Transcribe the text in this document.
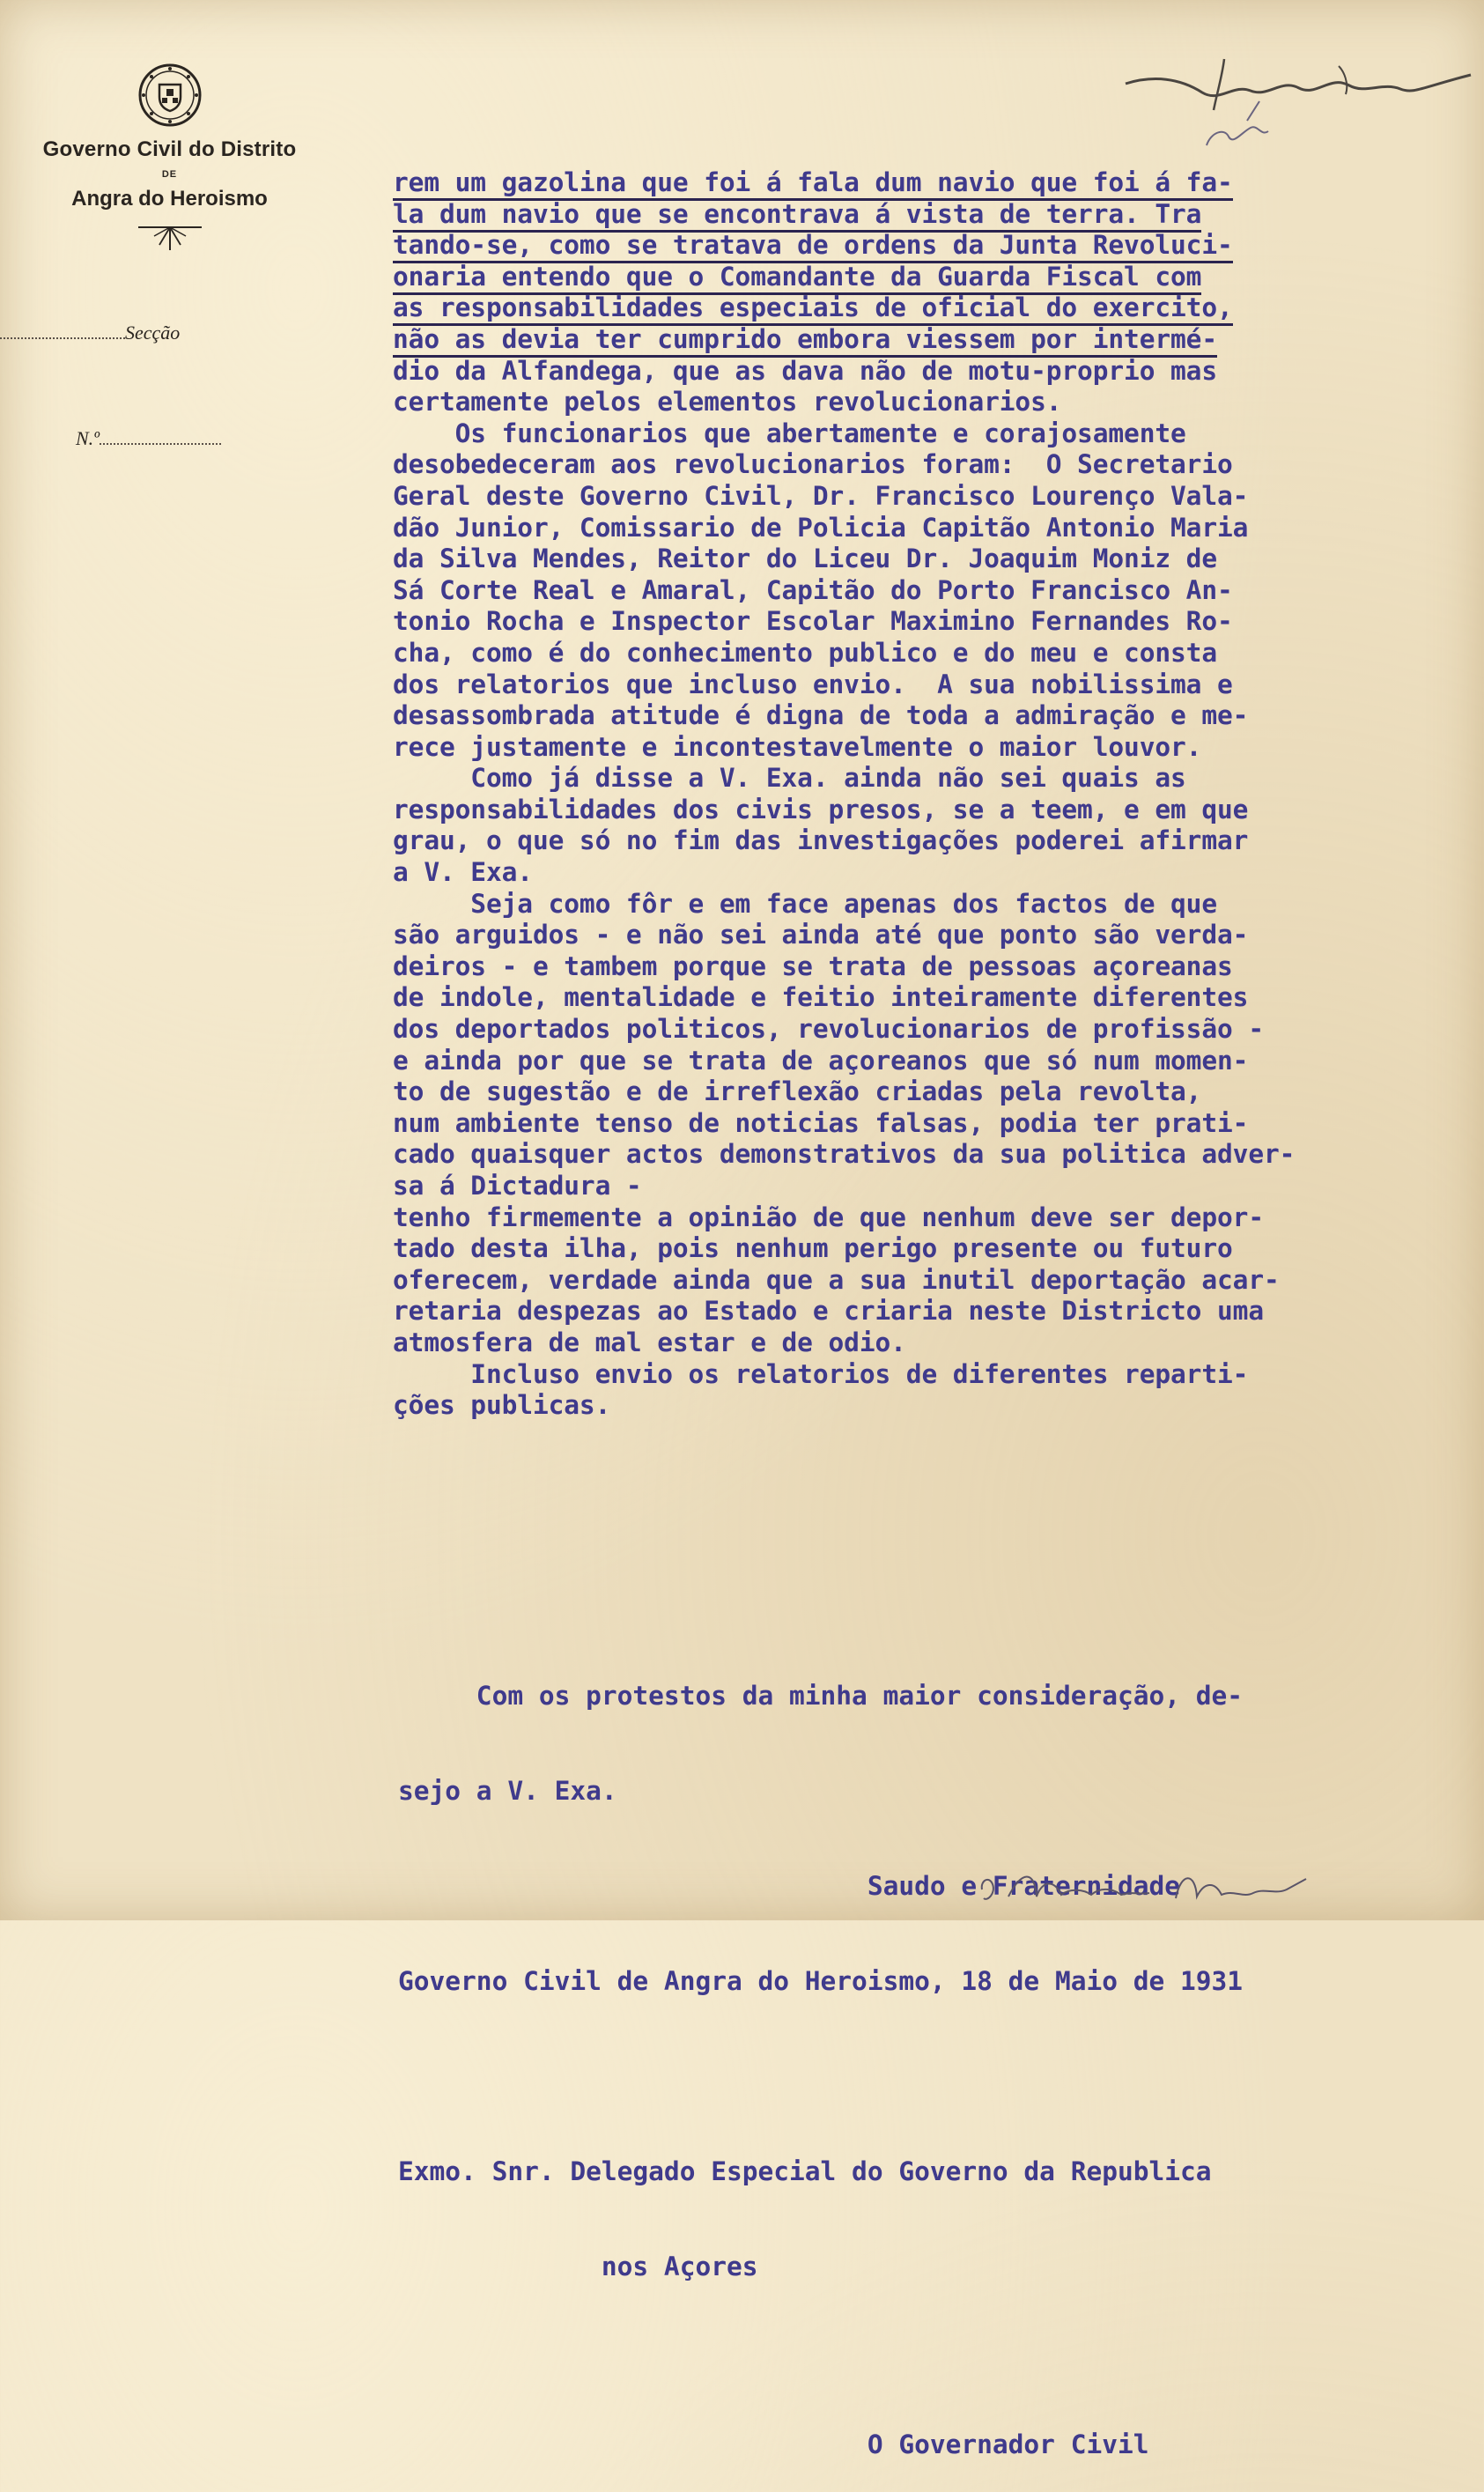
Governo Civil do Distrito
DE
Angra do Heroismo
Secção
N.º
rem um gazolina que foi á fala dum navio que foi á fa-
la dum navio que se encontrava á vista de terra. Tra
tando-se, como se tratava de ordens da Junta Revoluci-
onaria entendo que o Comandante da Guarda Fiscal com
as responsabilidades especiais de oficial do exercito,
não as devia ter cumprido embora viessem por intermé-
dio da Alfandega, que as dava não de motu-proprio mas
certamente pelos elementos revolucionarios.
Os funcionarios que abertamente e corajosamente
desobedeceram aos revolucionarios foram:  O Secretario
Geral deste Governo Civil, Dr. Francisco Lourenço Vala-
dão Junior, Comissario de Policia Capitão Antonio Maria
da Silva Mendes, Reitor do Liceu Dr. Joaquim Moniz de
Sá Corte Real e Amaral, Capitão do Porto Francisco An-
tonio Rocha e Inspector Escolar Maximino Fernandes Ro-
cha, como é do conhecimento publico e do meu e consta
dos relatorios que incluso envio.  A sua nobilissima e
desassombrada atitude é digna de toda a admiração e me-
rece justamente e incontestavelmente o maior louvor.
Como já disse a V. Exa. ainda não sei quais as
responsabilidades dos civis presos, se a teem, e em que
grau, o que só no fim das investigações poderei afirmar
a V. Exa.
Seja como fôr e em face apenas dos factos de que
são arguidos - e não sei ainda até que ponto são verda-
deiros - e tambem porque se trata de pessoas açoreanas
de indole, mentalidade e feitio inteiramente diferentes
dos deportados politicos, revolucionarios de profissão -
e ainda por que se trata de açoreanos que só num momen-
to de sugestão e de irreflexão criadas pela revolta,
num ambiente tenso de noticias falsas, podia ter prati-
cado quaisquer actos demonstrativos da sua politica adver-
sa á Dictadura -
tenho firmemente a opinião de que nenhum deve ser depor-
tado desta ilha, pois nenhum perigo presente ou futuro
oferecem, verdade ainda que a sua inutil deportação acar-
retaria despezas ao Estado e criaria neste Districto uma
atmosfera de mal estar e de odio.
Incluso envio os relatorios de diferentes reparti-
ções publicas.

Com os protestos da minha maior consideração, de-

sejo a V. Exa.

Saudo e Fraternidade

Governo Civil de Angra do Heroismo, 18 de Maio de 1931

Exmo. Snr. Delegado Especial do Governo da Republica

nos Açores

O Governador Civil
